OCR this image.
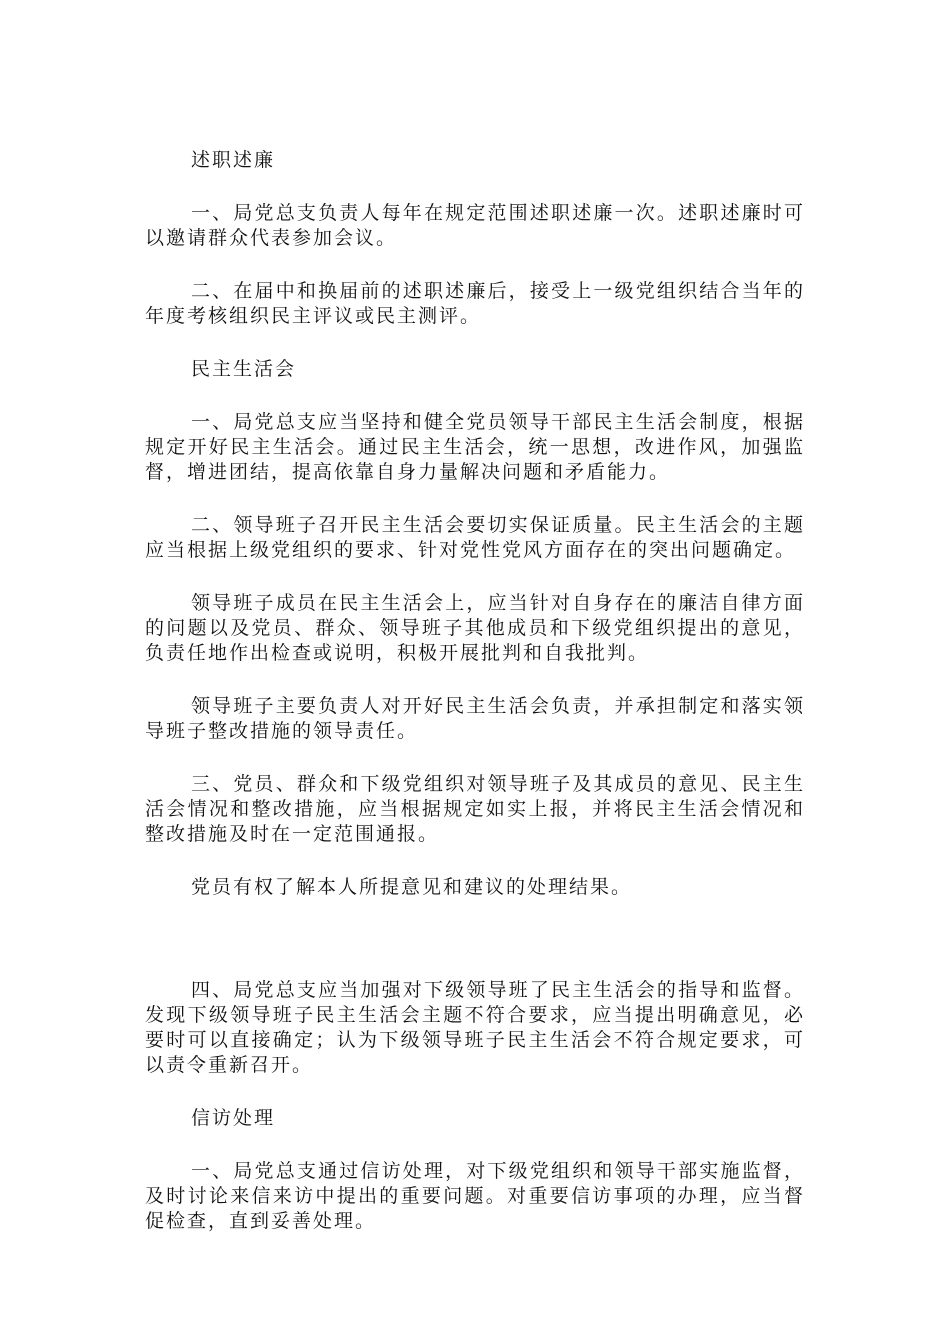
述职述廉

一、局党总支负责人每年在规定范围述职述廉一次。述职述廉时可以邀请群众代表参加会议。

二、在届中和换届前的述职述廉后，接受上一级党组织结合当年的年度考核组织民主评议或民主测评。

民主生活会

一、局党总支应当坚持和健全党员领导干部民主生活会制度，根据规定开好民主生活会。通过民主生活会，统一思想，改进作风，加强监督，增进团结，提高依靠自身力量解决问题和矛盾能力。

二、领导班子召开民主生活会要切实保证质量。民主生活会的主题应当根据上级党组织的要求、针对党性党风方面存在的突出问题确定。

领导班子成员在民主生活会上，应当针对自身存在的廉洁自律方面的问题以及党员、群众、领导班子其他成员和下级党组织提出的意见，负责任地作出检查或说明，积极开展批判和自我批判。

领导班子主要负责人对开好民主生活会负责，并承担制定和落实领导班子整改措施的领导责任。

三、党员、群众和下级党组织对领导班子及其成员的意见、民主生活会情况和整改措施，应当根据规定如实上报，并将民主生活会情况和整改措施及时在一定范围通报。

党员有权了解本人所提意见和建议的处理结果。

四、局党总支应当加强对下级领导班了民主生活会的指导和监督。发现下级领导班子民主生活会主题不符合要求，应当提出明确意见，必要时可以直接确定；认为下级领导班子民主生活会不符合规定要求，可以责令重新召开。

信访处理

一、局党总支通过信访处理，对下级党组织和领导干部实施监督，及时讨论来信来访中提出的重要问题。对重要信访事项的办理，应当督促检查，直到妥善处理。
